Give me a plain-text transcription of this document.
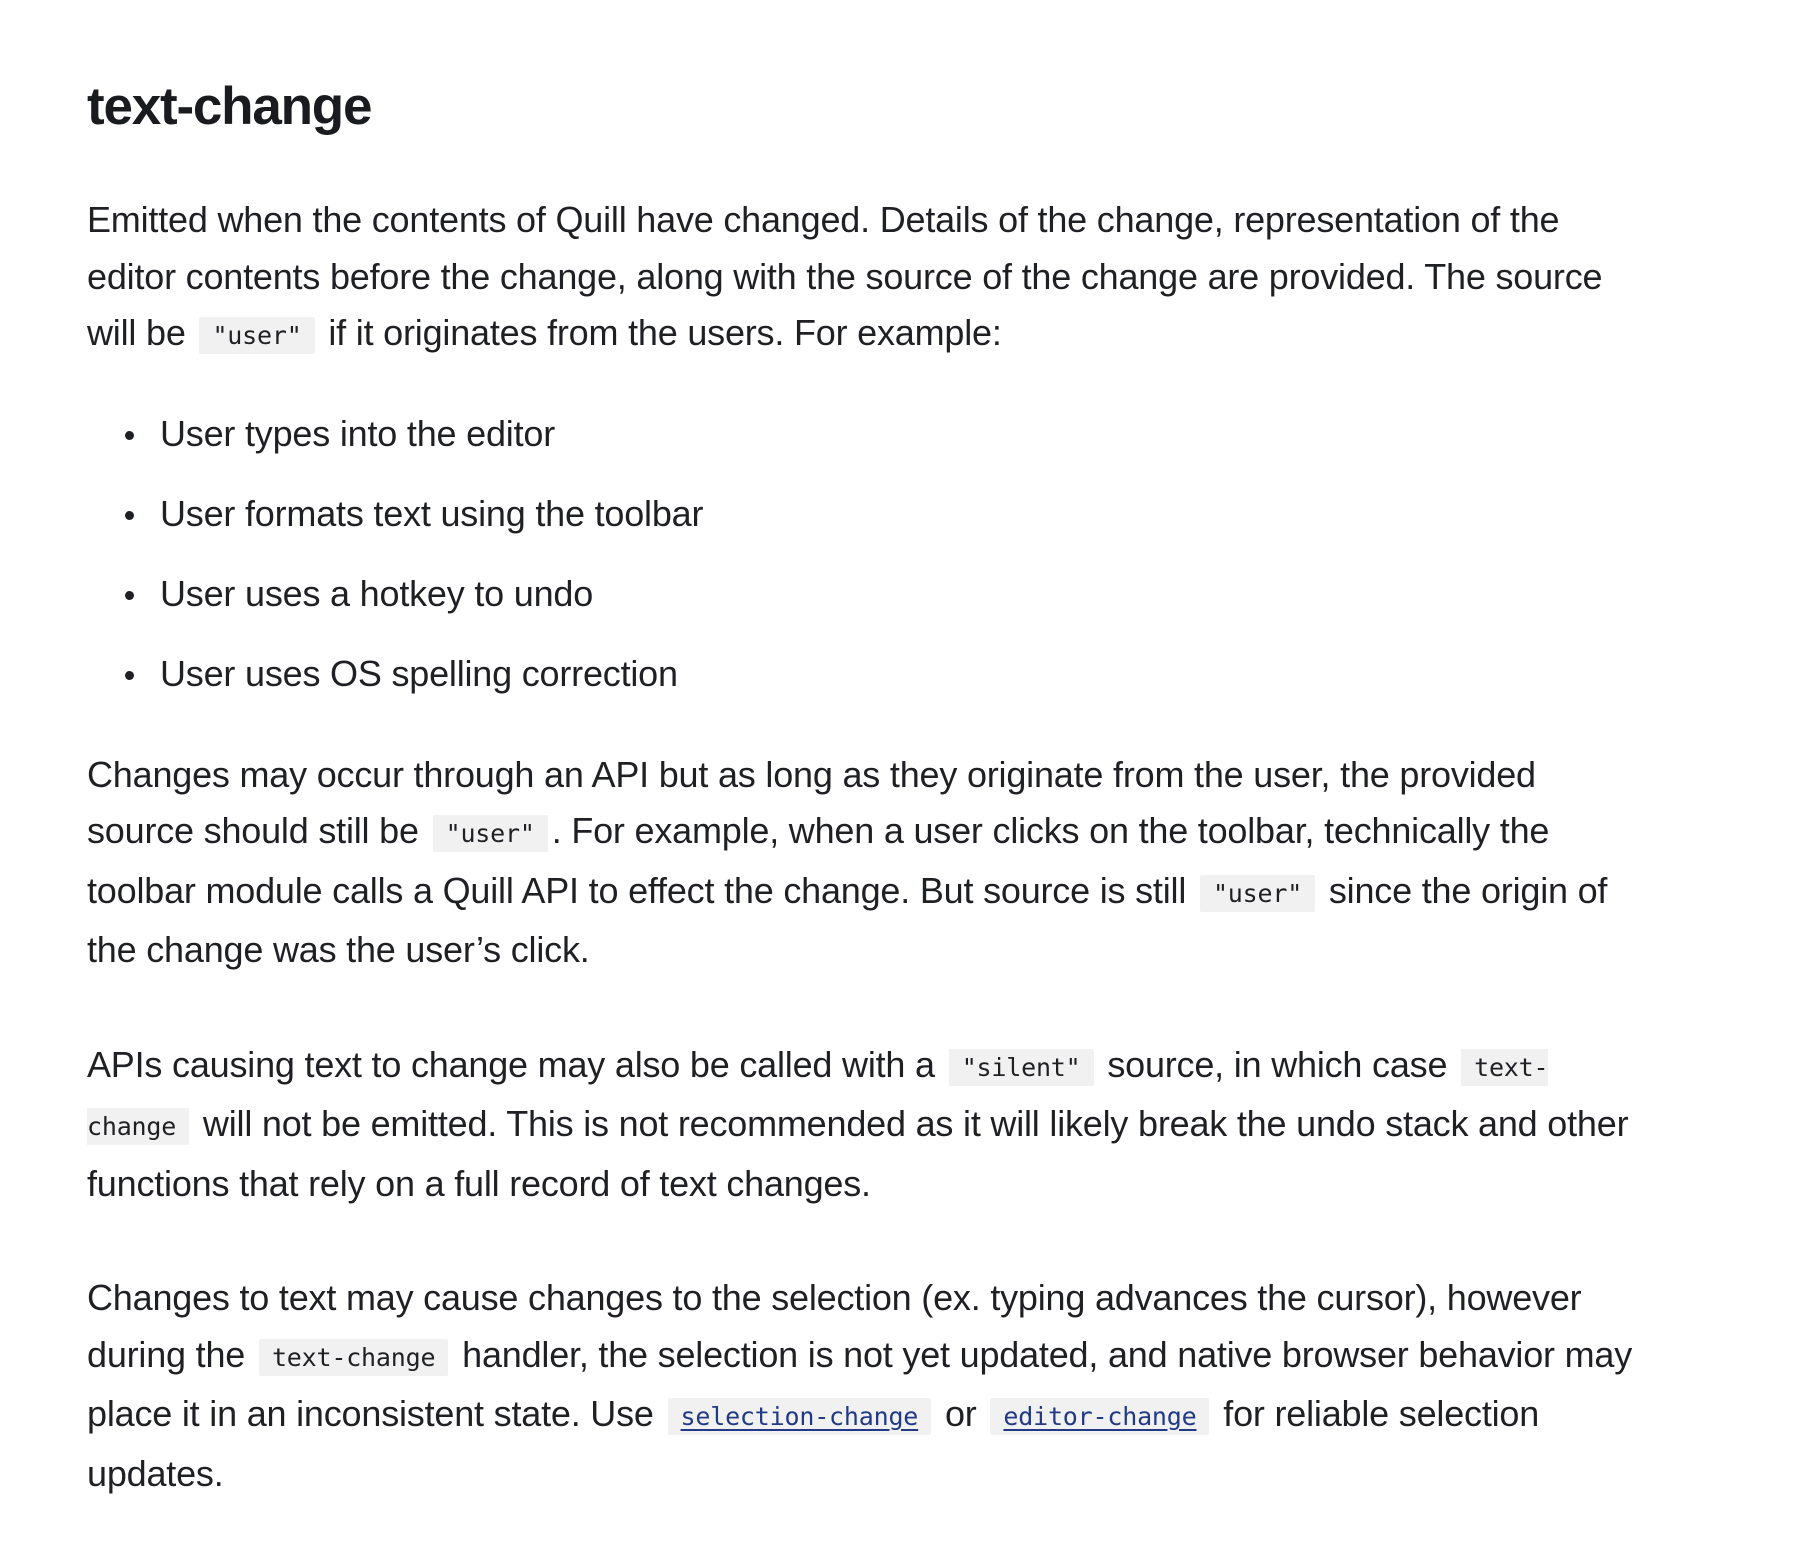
text-change

Emitted when the contents of Quill have changed. Details of the change, representation of the editor contents before the change, along with the source of the change are provided. The source will be "user" if it originates from the users. For example:

User types into the editor
User formats text using the toolbar
User uses a hotkey to undo
User uses OS spelling correction

Changes may occur through an API but as long as they originate from the user, the provided source should still be "user" . For example, when a user clicks on the toolbar, technically the toolbar module calls a Quill API to effect the change. But source is still "user" since the origin of the change was the user’s click.

APIs causing text to change may also be called with a "silent" source, in which case text-change will not be emitted. This is not recommended as it will likely break the undo stack and other functions that rely on a full record of text changes.

Changes to text may cause changes to the selection (ex. typing advances the cursor), however during the text-change handler, the selection is not yet updated, and native browser behavior may place it in an inconsistent state. Use selection-change or editor-change for reliable selection updates.
